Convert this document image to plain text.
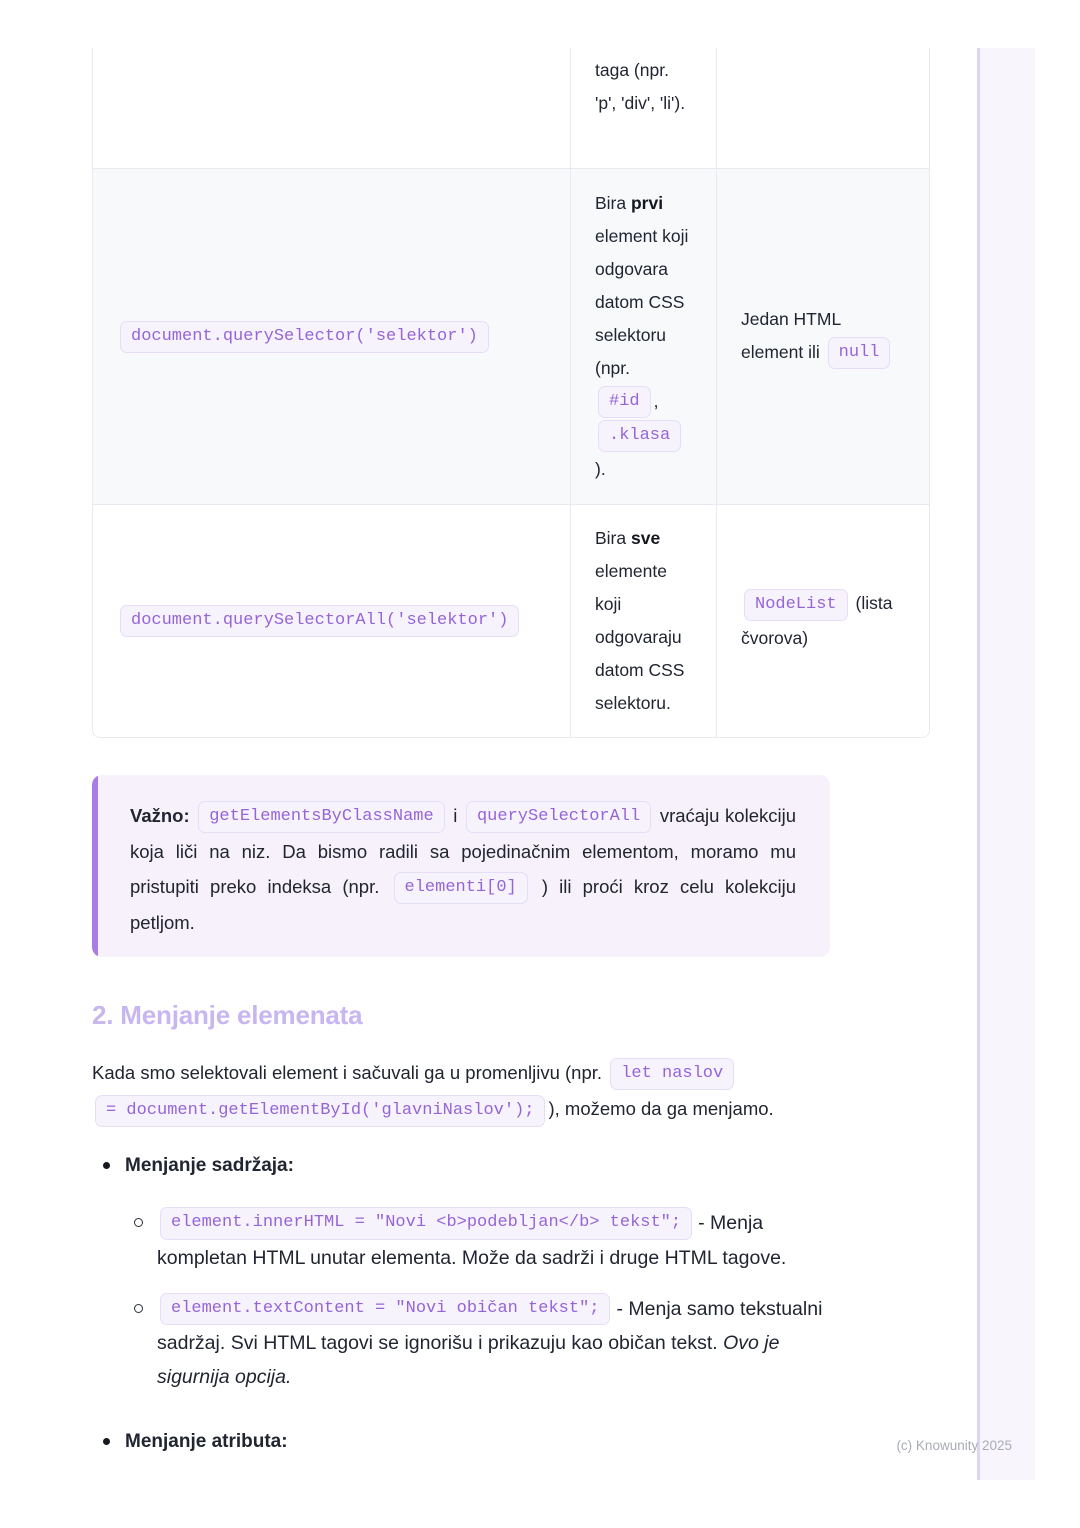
taga (npr. 'p', 'div', 'li').
document.querySelector('selektor')
Bira prvi element koji odgovara datom CSS selektoru (npr. #id , .klasa).
Jedan HTML element ili null
document.querySelectorAll('selektor')
Bira sve elemente koji odgovaraju datom CSS selektoru.
NodeList (lista čvorova)
Važno: getElementsByClassName i querySelectorAll vraćaju kolekciju koja liči na niz. Da bismo radili sa pojedinačnim elementom, moramo mu pristupiti preko indeksa (npr. elementi[0] ) ili proći kroz celu kolekciju petljom.
2. Menjanje elemenata

Kada smo selektovali element i sačuvali ga u promenljivu (npr. let naslov
= document.getElementById('glavniNaslov'); ), možemo da ga menjamo.

Menjanje sadržaja:
element.innerHTML = "Novi <b>podebljan</b> tekst"; - Menja kompletan HTML unutar elementa. Može da sadrži i druge HTML tagove.
element.textContent = "Novi običan tekst"; - Menja samo tekstualni sadržaj. Svi HTML tagovi se ignorišu i prikazuju kao običan tekst. Ovo je sigurnija opcija.
Menjanje atributa:	(c) Knowunity 2025
